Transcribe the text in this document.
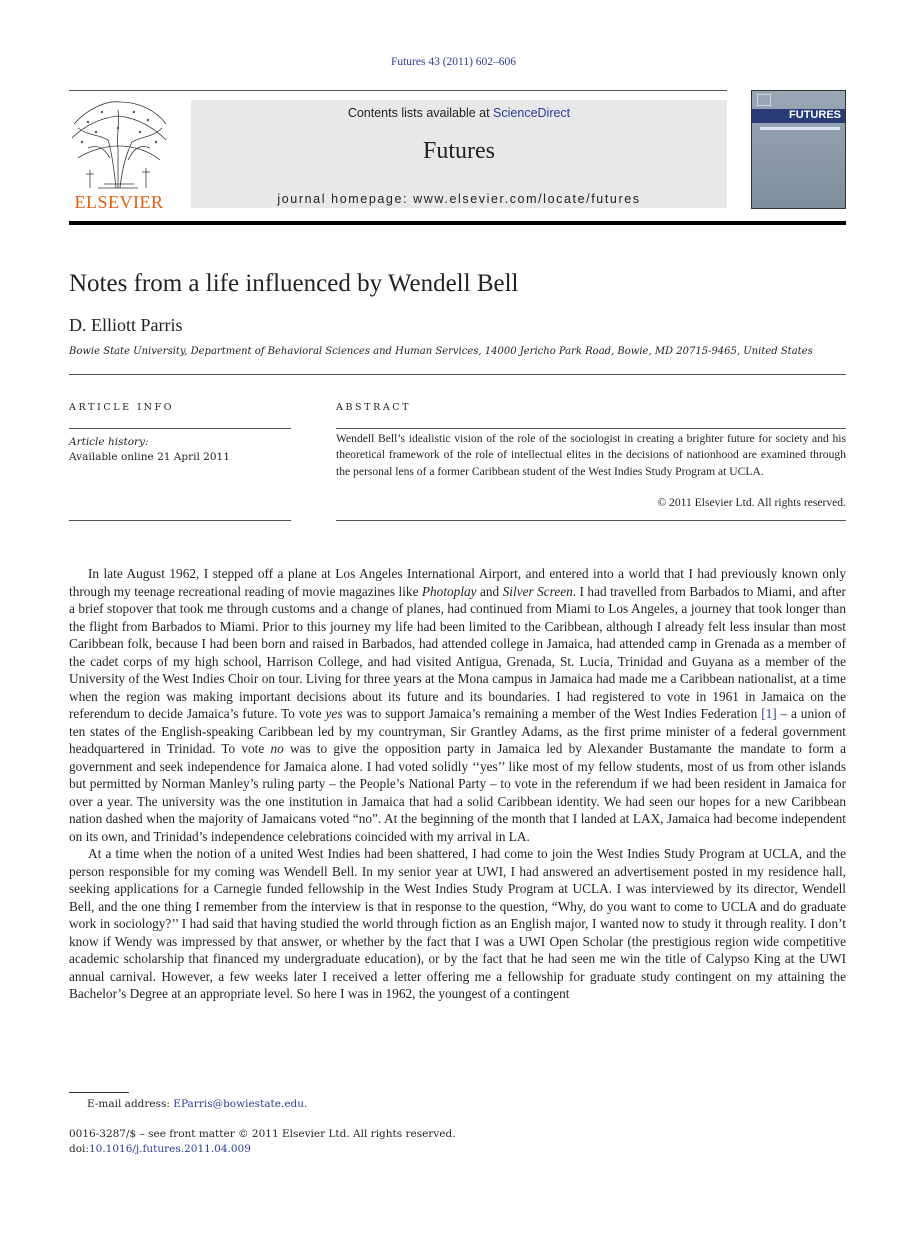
Futures 43 (2011) 602–606
ELSEVIER
Contents lists available at ScienceDirect
Futures
journal homepage: www.elsevier.com/locate/futures
FUTURES
Notes from a life influenced by Wendell Bell
D. Elliott Parris
Bowie State University, Department of Behavioral Sciences and Human Services, 14000 Jericho Park Road, Bowie, MD 20715-9465, United States
ARTICLE INFO
Article history:
Available online 21 April 2011
ABSTRACT
Wendell Bell’s idealistic vision of the role of the sociologist in creating a brighter future for society and his theoretical framework of the role of intellectual elites in the decisions of nationhood are examined through the personal lens of a former Caribbean student of the West Indies Study Program at UCLA.
© 2011 Elsevier Ltd. All rights reserved.

In late August 1962, I stepped off a plane at Los Angeles International Airport, and entered into a world that I had previously known only through my teenage recreational reading of movie magazines like Photoplay and Silver Screen. I had travelled from Barbados to Miami, and after a brief stopover that took me through customs and a change of planes, had continued from Miami to Los Angeles, a journey that took longer than the flight from Barbados to Miami. Prior to this journey my life had been limited to the Caribbean, although I already felt less insular than most Caribbean folk, because I had been born and raised in Barbados, had attended college in Jamaica, had attended camp in Grenada as a member of the cadet corps of my high school, Harrison College, and had visited Antigua, Grenada, St. Lucia, Trinidad and Guyana as a member of the University of the West Indies Choir on tour. Living for three years at the Mona campus in Jamaica had made me a Caribbean nationalist, at a time when the region was making important decisions about its future and its boundaries. I had registered to vote in 1961 in Jamaica on the referendum to decide Jamaica’s future. To vote yes was to support Jamaica’s remaining a member of the West Indies Federation [1] – a union of ten states of the English-speaking Caribbean led by my countryman, Sir Grantley Adams, as the first prime minister of a federal government headquartered in Trinidad. To vote no was to give the opposition party in Jamaica led by Alexander Bustamante the mandate to form a government and seek independence for Jamaica alone. I had voted solidly ‘‘yes’’ like most of my fellow students, most of us from other islands but permitted by Norman Manley’s ruling party – the People’s National Party – to vote in the referendum if we had been resident in Jamaica for over a year. The university was the one institution in Jamaica that had a solid Caribbean identity. We had seen our hopes for a new Caribbean nation dashed when the majority of Jamaicans voted “no”. At the beginning of the month that I landed at LAX, Jamaica had become independent on its own, and Trinidad’s independence celebrations coincided with my arrival in LA.

At a time when the notion of a united West Indies had been shattered, I had come to join the West Indies Study Program at UCLA, and the person responsible for my coming was Wendell Bell. In my senior year at UWI, I had answered an advertisement posted in my residence hall, seeking applications for a Carnegie funded fellowship in the West Indies Study Program at UCLA. I was interviewed by its director, Wendell Bell, and the one thing I remember from the interview is that in response to the question, “Why, do you want to come to UCLA and do graduate work in sociology?’’ I had said that having studied the world through fiction as an English major, I wanted now to study it through reality. I don’t know if Wendy was impressed by that answer, or whether by the fact that I was a UWI Open Scholar (the prestigious region wide competitive academic scholarship that financed my undergraduate education), or by the fact that he had seen me win the title of Calypso King at the UWI annual carnival. However, a few weeks later I received a letter offering me a fellowship for graduate study contingent on my attaining the Bachelor’s Degree at an appropriate level. So here I was in 1962, the youngest of a contingent

E-mail address: EParris@bowiestate.edu.
0016-3287/$ – see front matter © 2011 Elsevier Ltd. All rights reserved.
doi:10.1016/j.futures.2011.04.009
